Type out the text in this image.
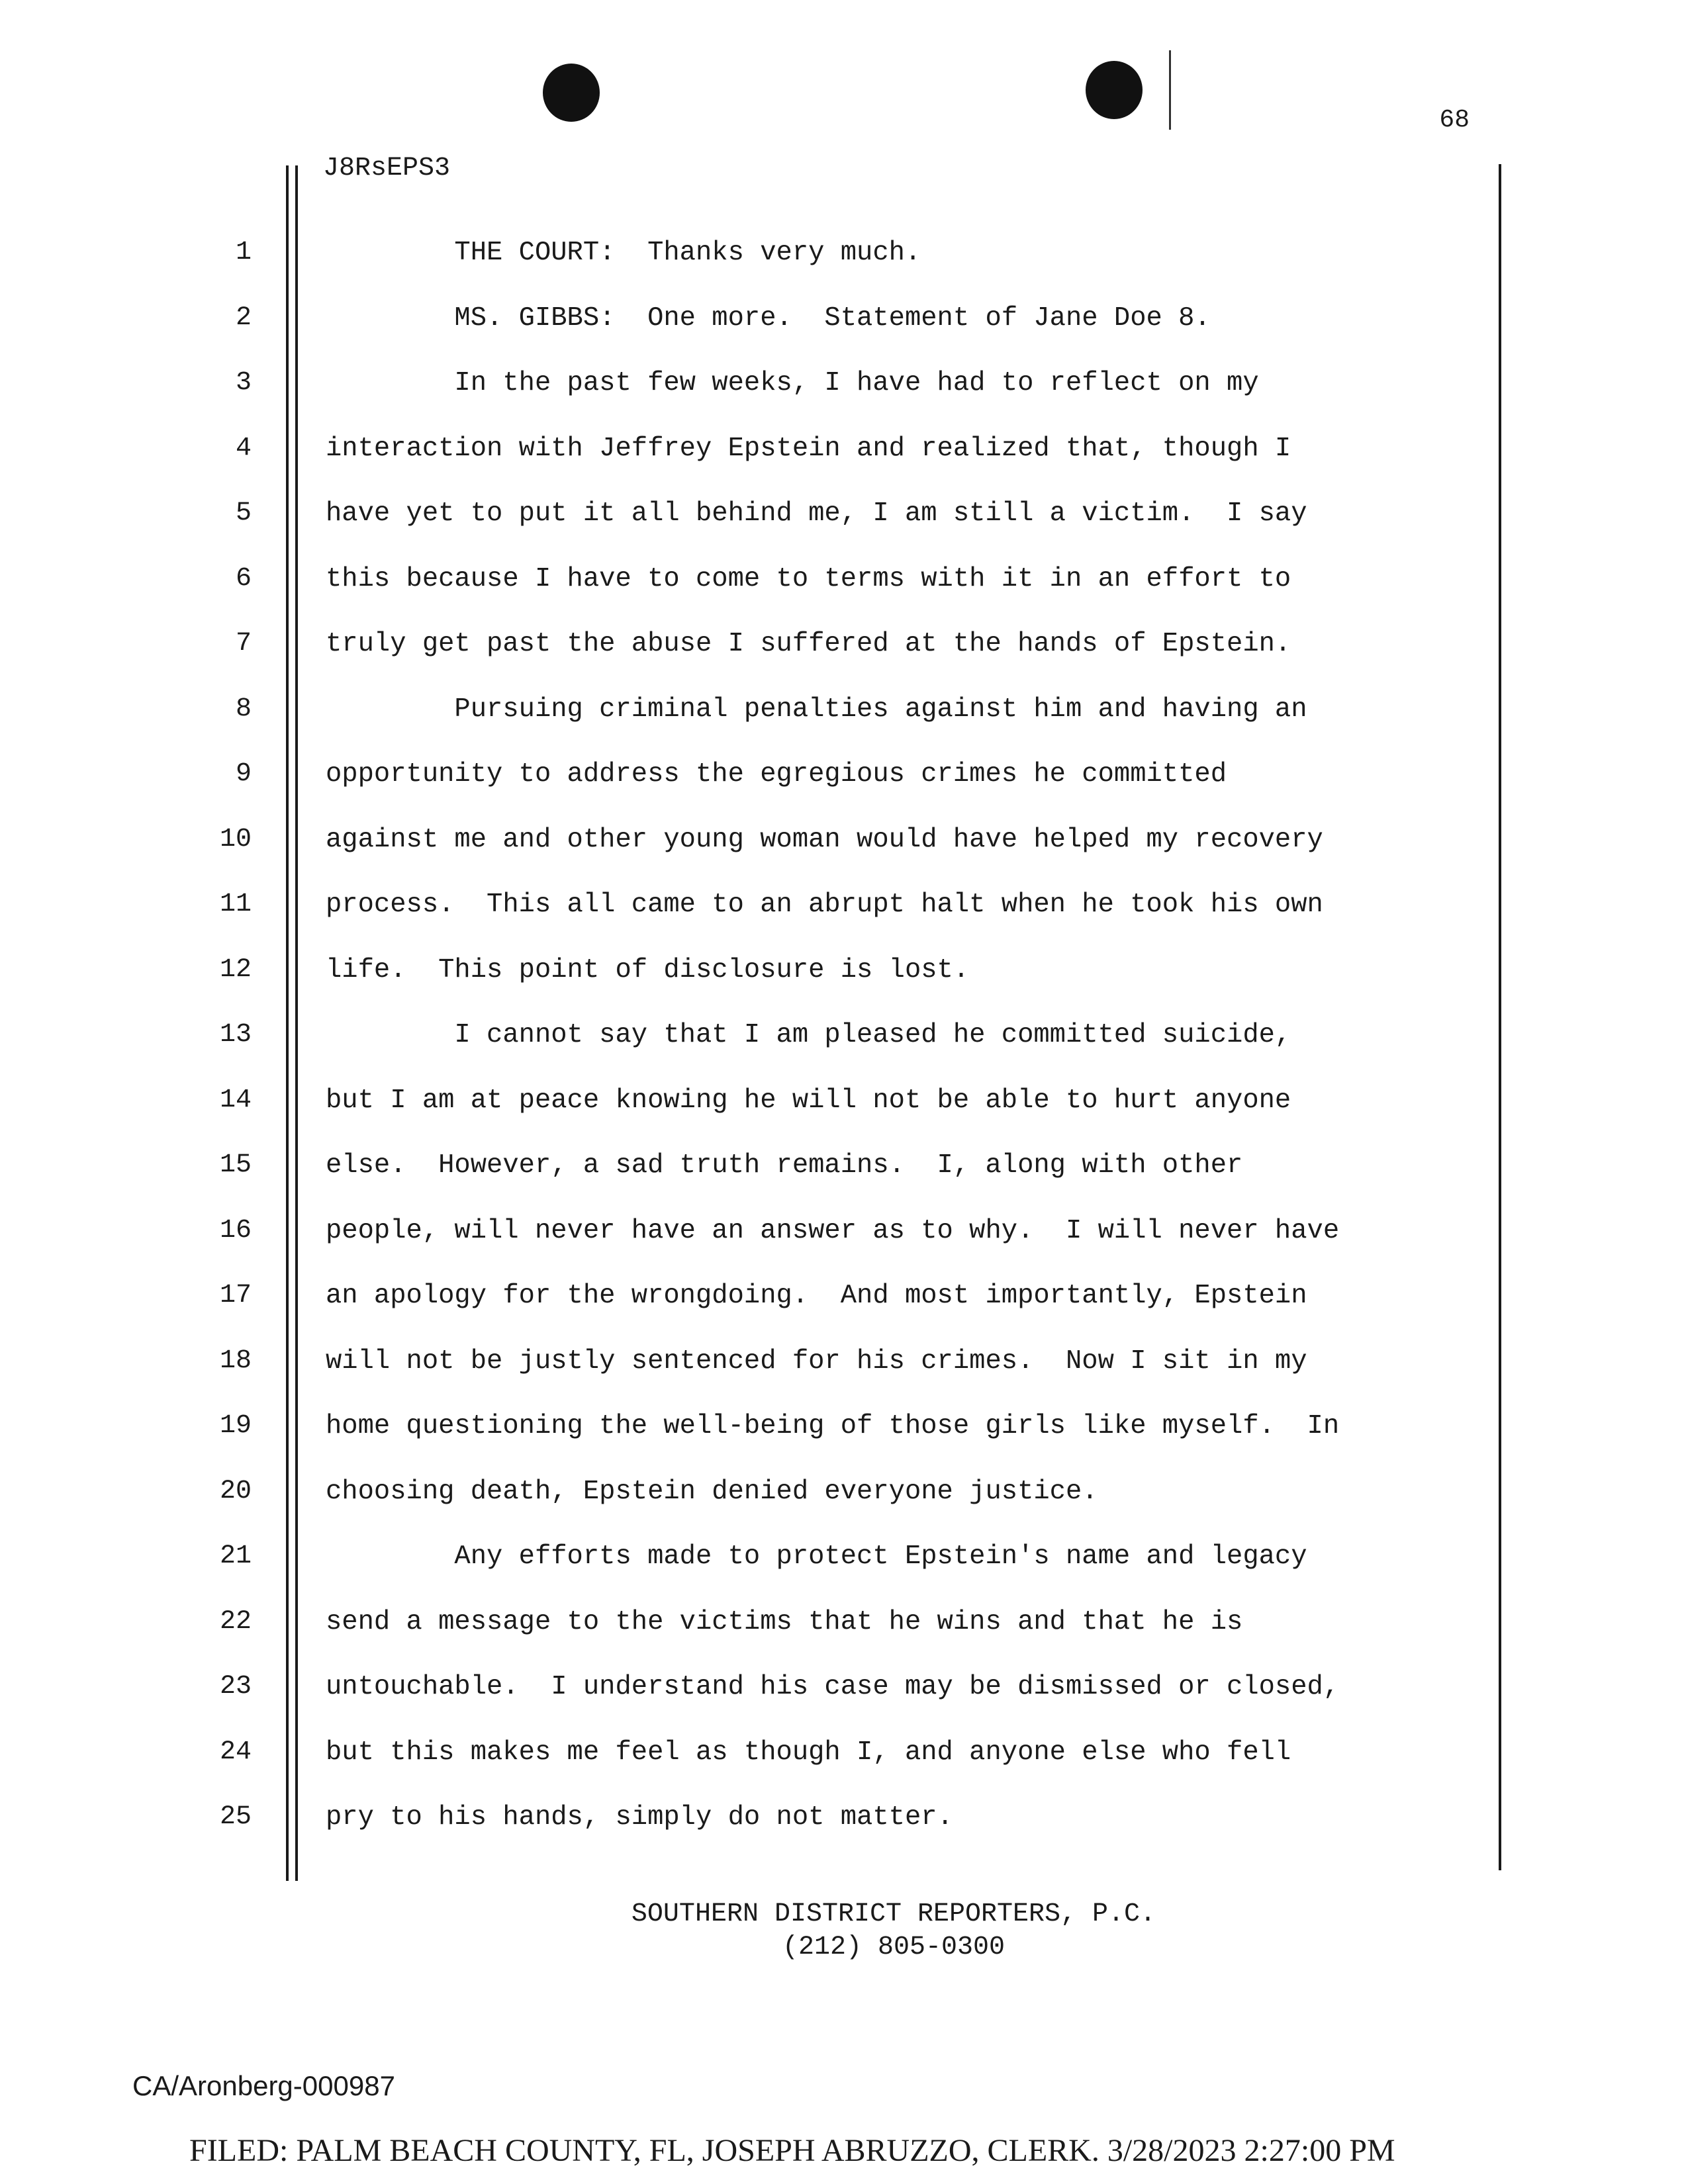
68
J8RsEPS3
1
2
3
4
5
6
7
8
9
10
11
12
13
14
15
16
17
18
19
20
21
22
23
24
25
THE COURT:  Thanks very much.
MS. GIBBS:  One more.  Statement of Jane Doe 8.
In the past few weeks, I have had to reflect on my
interaction with Jeffrey Epstein and realized that, though I
have yet to put it all behind me, I am still a victim.  I say
this because I have to come to terms with it in an effort to
truly get past the abuse I suffered at the hands of Epstein.
Pursuing criminal penalties against him and having an
opportunity to address the egregious crimes he committed
against me and other young woman would have helped my recovery
process.  This all came to an abrupt halt when he took his own
life.  This point of disclosure is lost.
I cannot say that I am pleased he committed suicide,
but I am at peace knowing he will not be able to hurt anyone
else.  However, a sad truth remains.  I, along with other
people, will never have an answer as to why.  I will never have
an apology for the wrongdoing.  And most importantly, Epstein
will not be justly sentenced for his crimes.  Now I sit in my
home questioning the well-being of those girls like myself.  In
choosing death, Epstein denied everyone justice.
Any efforts made to protect Epstein's name and legacy
send a message to the victims that he wins and that he is
untouchable.  I understand his case may be dismissed or closed,
but this makes me feel as though I, and anyone else who fell
pry to his hands, simply do not matter.
SOUTHERN DISTRICT REPORTERS, P.C.
(212) 805-0300
CA/Aronberg-000987
FILED: PALM BEACH COUNTY, FL, JOSEPH ABRUZZO, CLERK. 3/28/2023 2:27:00 PM
